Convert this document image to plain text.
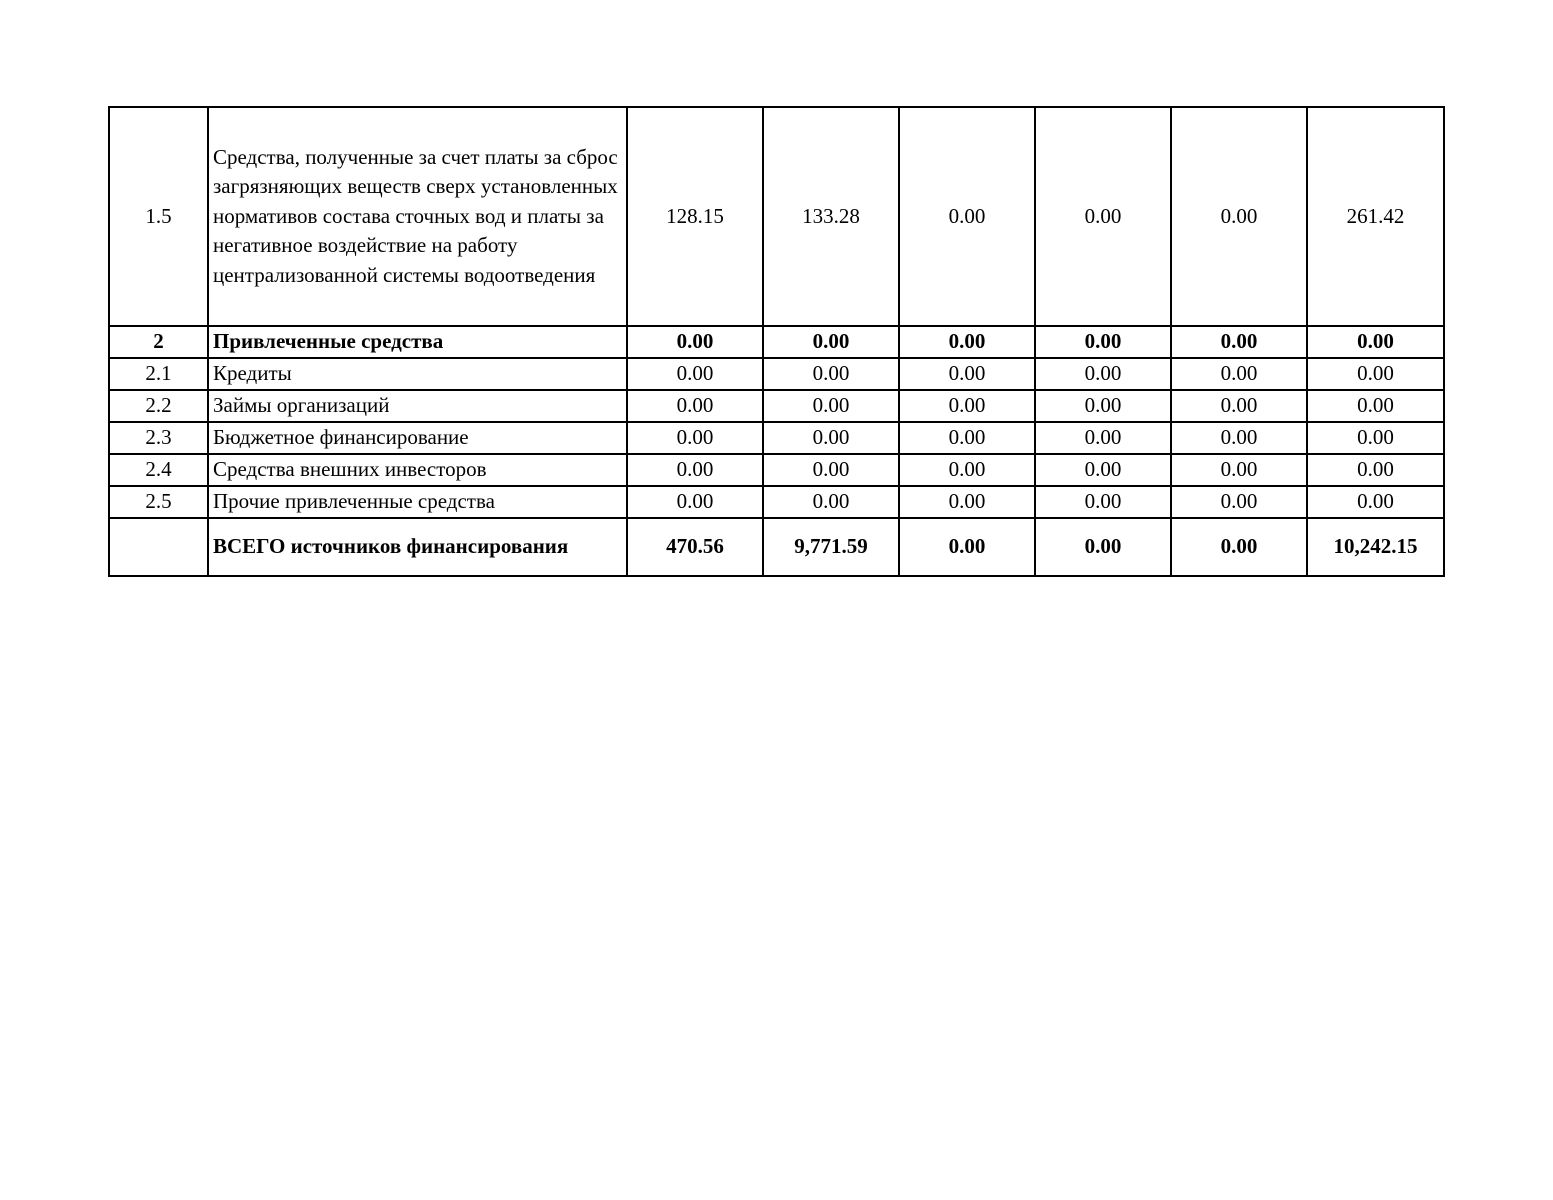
1.5	Средства, полученные за счет платы за сброс загрязняющих веществ сверх установленных нормативов состава сточных вод и платы за негативное воздействие на работу централизованной системы водоотведения	128.15	133.28	0.00	0.00	0.00	261.42
2	Привлеченные средства	0.00	0.00	0.00	0.00	0.00	0.00
2.1	Кредиты	0.00	0.00	0.00	0.00	0.00	0.00
2.2	Займы организаций	0.00	0.00	0.00	0.00	0.00	0.00
2.3	Бюджетное финансирование	0.00	0.00	0.00	0.00	0.00	0.00
2.4	Средства внешних инвесторов	0.00	0.00	0.00	0.00	0.00	0.00
2.5	Прочие привлеченные средства	0.00	0.00	0.00	0.00	0.00	0.00
	ВСЕГО источников финансирования	470.56	9,771.59	0.00	0.00	0.00	10,242.15
